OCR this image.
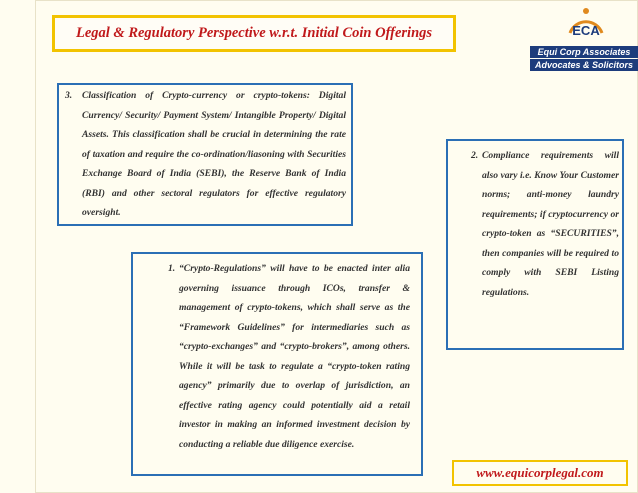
Legal & Regulatory Perspective w.r.t. Initial Coin Offerings	ECA
Equi Corp Associates
Advocates & Solicitors
3.	Classification of Crypto-currency or crypto-tokens: Digital Currency/ Security/ Payment System/ Intangible Property/ Digital Assets. This classification shall be crucial in determining the rate of taxation and require the co-ordination/liasoning with Securities Exchange Board of India (SEBI), the Reserve Bank of India (RBI) and other sectoral regulators for effective regulatory oversight.

1. “Crypto-Regulations” will have to be enacted inter alia governing issuance through ICOs, transfer & management of crypto-tokens, which shall serve as the “Framework Guidelines” for intermediaries such as “crypto-exchanges” and “crypto-brokers”, among others. While it will be task to regulate a “crypto-token rating agency” primarily due to overlap of jurisdiction, an effective rating agency could potentially aid a retail investor in making an informed investment decision by conducting a reliable due diligence exercise.

2. Compliance requirements will also vary i.e. Know Your Customer norms; anti-money laundry requirements; if cryptocurrency or crypto-token as “SECURITIES”, then companies will be required to comply with SEBI Listing regulations.

www.equicorplegal.com
